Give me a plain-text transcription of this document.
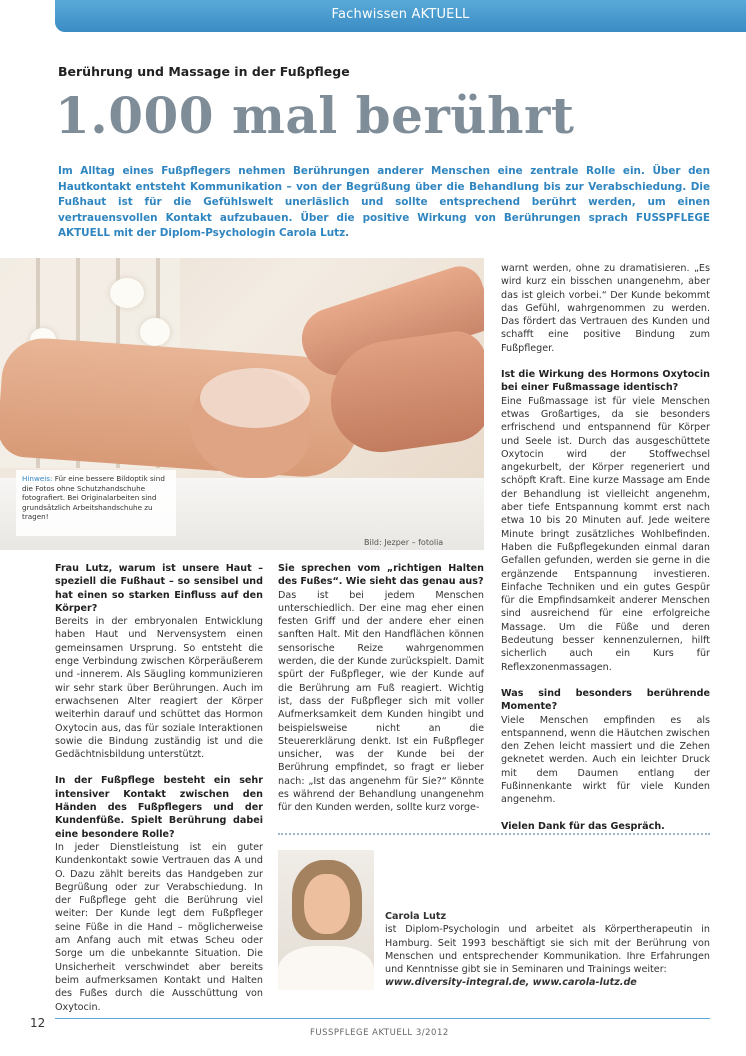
Fachwissen AKTUELL
Berührung und Massage in der Fußpflege
1.000 mal berührt
Im Alltag eines Fußpflegers nehmen Berührungen anderer Menschen eine zentrale Rolle ein. Über den Hautkontakt entsteht Kommunikation – von der Begrüßung über die Behandlung bis zur Verabschiedung. Die Fußhaut ist für die Gefühlswelt unerläslich und sollte entsprechend berührt werden, um einen vertrauensvollen Kontakt aufzubauen. Über die positive Wirkung von Berührungen sprach FUSSPFLEGE AKTUELL mit der Diplom-Psychologin Carola Lutz.
Hinweis: Für eine bessere Bildoptik sind die Fotos ohne Schutzhandschuhe fotografiert. Bei Originalarbeiten sind grundsätzlich Arbeitshandschuhe zu tragen!
Bild: Jezper – fotolia

Frau Lutz, warum ist unsere Haut – speziell die Fußhaut – so sensibel und hat einen so starken Einfluss auf den Körper?

Bereits in der embryonalen Entwicklung haben Haut und Nervensystem einen gemeinsamen Ursprung. So entsteht die enge Verbindung zwischen Körperäußerem und -innerem. Als Säugling kommunizieren wir sehr stark über Berührungen. Auch im erwachsenen Alter reagiert der Körper weiterhin darauf und schüttet das Hormon Oxytocin aus, das für soziale Interaktionen sowie die Bindung zuständig ist und die Gedächtnisbildung unterstützt.

In der Fußpflege besteht ein sehr intensiver Kontakt zwischen den Händen des Fußpflegers und der Kundenfüße. Spielt Berührung dabei eine besondere Rolle?

In jeder Dienstleistung ist ein guter Kundenkontakt sowie Vertrauen das A und O. Dazu zählt bereits das Handgeben zur Begrüßung oder zur Verabschiedung. In der Fußpflege geht die Berührung viel weiter: Der Kunde legt dem Fußpfleger seine Füße in die Hand – möglicherweise am Anfang auch mit etwas Scheu oder Sorge um die unbekannte Situation. Die Unsicherheit verschwindet aber bereits beim aufmerksamen Kontakt und Halten des Fußes durch die Ausschüttung von Oxytocin.

Sie sprechen vom „richtigen Halten des Fußes“. Wie sieht das genau aus?

Das ist bei jedem Menschen unterschiedlich. Der eine mag eher einen festen Griff und der andere eher einen sanften Halt. Mit den Handflächen können sensorische Reize wahrgenommen werden, die der Kunde zurückspielt. Damit spürt der Fußpfleger, wie der Kunde auf die Berührung am Fuß reagiert. Wichtig ist, dass der Fußpfleger sich mit voller Aufmerksamkeit dem Kunden hingibt und beispielsweise nicht an die Steuererklärung denkt. Ist ein Fußpfleger unsicher, was der Kunde bei der Berührung empfindet, so fragt er lieber nach: „Ist das angenehm für Sie?“ Könnte es während der Behandlung unangenehm für den Kunden werden, sollte kurz vorge-

warnt werden, ohne zu dramatisieren. „Es wird kurz ein bisschen unangenehm, aber das ist gleich vorbei.“ Der Kunde bekommt das Gefühl, wahrgenommen zu werden. Das fördert das Vertrauen des Kunden und schafft eine positive Bindung zum Fußpfleger.

Ist die Wirkung des Hormons Oxytocin bei einer Fußmassage identisch?

Eine Fußmassage ist für viele Menschen etwas Großartiges, da sie besonders erfrischend und entspannend für Körper und Seele ist. Durch das ausgeschüttete Oxytocin wird der Stoffwechsel angekurbelt, der Körper regeneriert und schöpft Kraft. Eine kurze Massage am Ende der Behandlung ist vielleicht angenehm, aber tiefe Entspannung kommt erst nach etwa 10 bis 20 Minuten auf. Jede weitere Minute bringt zusätzliches Wohlbefinden. Haben die Fußpflegekunden einmal daran Gefallen gefunden, werden sie gerne in die ergänzende Entspannung investieren. Einfache Techniken und ein gutes Gespür für die Empfindsamkeit anderer Menschen sind ausreichend für eine erfolgreiche Massage. Um die Füße und deren Bedeutung besser kennenzulernen, hilft sicherlich auch ein Kurs für Reflexzonenmassagen.

Was sind besonders berührende Momente?

Viele Menschen empfinden es als entspannend, wenn die Häutchen zwischen den Zehen leicht massiert und die Zehen geknetet werden. Auch ein leichter Druck mit dem Daumen entlang der Fußinnenkante wirkt für viele Kunden angenehm.

Vielen Dank für das Gespräch.

Carola Lutz

ist Diplom-Psychologin und arbeitet als Körpertherapeutin in Hamburg. Seit 1993 beschäftigt sie sich mit der Berührung von Menschen und entsprechender Kommunikation. Ihre Erfahrungen und Kenntnisse gibt sie in Seminaren und Trainings weiter:

www.diversity-integral.de, www.carola-lutz.de

12
FUSSPFLEGE AKTUELL 3/2012
